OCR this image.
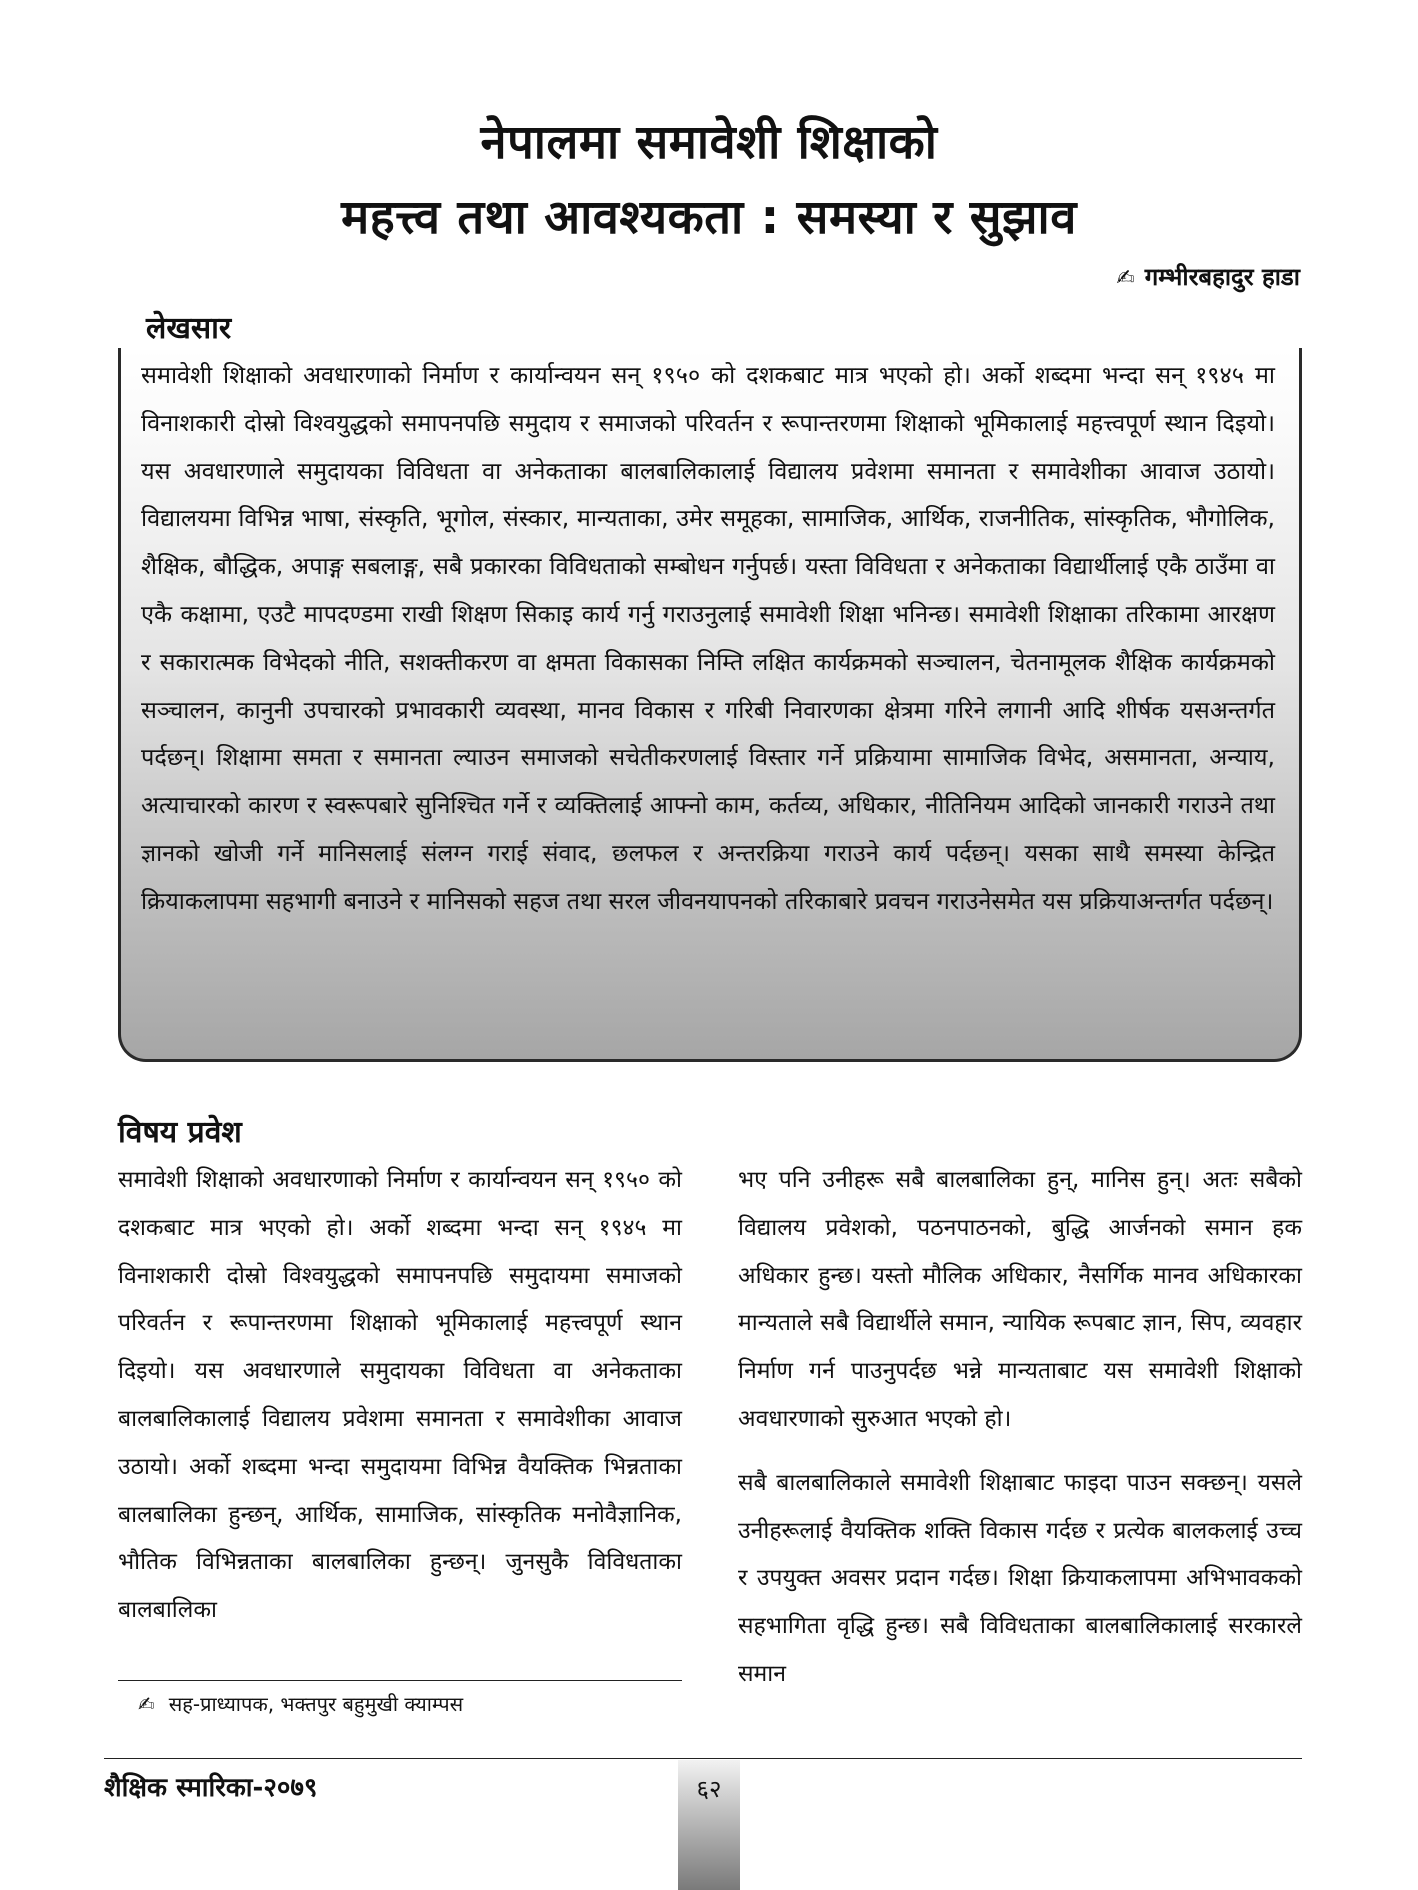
नेपालमा समावेशी शिक्षाको
महत्त्व तथा आवश्यकता : समस्या र सुझाव
✍ गम्भीरबहादुर हाडा
लेखसार
समावेशी शिक्षाको अवधारणाको निर्माण र कार्यान्वयन सन् १९५० को दशकबाट मात्र भएको हो। अर्को शब्दमा भन्दा सन् १९४५ मा विनाशकारी दोस्रो विश्वयुद्धको समापनपछि समुदाय र समाजको परिवर्तन र रूपान्तरणमा शिक्षाको भूमिकालाई महत्त्वपूर्ण स्थान दिइयो। यस अवधारणाले समुदायका विविधता वा अनेकताका बालबालिकालाई विद्यालय प्रवेशमा समानता र समावेशीका आवाज उठायो। विद्यालयमा विभिन्न भाषा, संस्कृति, भूगोल, संस्कार, मान्यताका, उमेर समूहका, सामाजिक, आर्थिक, राजनीतिक, सांस्कृतिक, भौगोलिक, शैक्षिक, बौद्धिक, अपाङ्ग सबलाङ्ग, सबै प्रकारका विविधताको सम्बोधन गर्नुपर्छ। यस्ता विविधता र अनेकताका विद्यार्थीलाई एकै ठाउँमा वा एकै कक्षामा, एउटै मापदण्डमा राखी शिक्षण सिकाइ कार्य गर्नु गराउनुलाई समावेशी शिक्षा भनिन्छ। समावेशी शिक्षाका तरिकामा आरक्षण र सकारात्मक विभेदको नीति, सशक्तीकरण वा क्षमता विकासका निम्ति लक्षित कार्यक्रमको सञ्चालन, चेतनामूलक शैक्षिक कार्यक्रमको सञ्चालन, कानुनी उपचारको प्रभावकारी व्यवस्था, मानव विकास र गरिबी निवारणका क्षेत्रमा गरिने लगानी आदि शीर्षक यसअन्तर्गत पर्दछन्। शिक्षामा समता र समानता ल्याउन समाजको सचेतीकरणलाई विस्तार गर्ने प्रक्रियामा सामाजिक विभेद, असमानता, अन्याय, अत्याचारको कारण र स्वरूपबारे सुनिश्चित गर्ने र व्यक्तिलाई आफ्नो काम, कर्तव्य, अधिकार, नीतिनियम आदिको जानकारी गराउने तथा ज्ञानको खोजी गर्ने मानिसलाई संलग्न गराई संवाद, छलफल र अन्तरक्रिया गराउने कार्य पर्दछन्। यसका साथै समस्या केन्द्रित क्रियाकलापमा सहभागी बनाउने र मानिसको सहज तथा सरल जीवनयापनको तरिकाबारे प्रवचन गराउनेसमेत यस प्रक्रियाअन्तर्गत पर्दछन्।
विषय प्रवेश

समावेशी शिक्षाको अवधारणाको निर्माण र कार्यान्वयन सन् १९५० को दशकबाट मात्र भएको हो। अर्को शब्दमा भन्दा सन् १९४५ मा विनाशकारी दोस्रो विश्वयुद्धको समापनपछि समुदायमा समाजको परिवर्तन र रूपान्तरणमा शिक्षाको भूमिकालाई महत्त्वपूर्ण स्थान दिइयो। यस अवधारणाले समुदायका विविधता वा अनेकताका बालबालिकालाई विद्यालय प्रवेशमा समानता र समावेशीका आवाज उठायो। अर्को शब्दमा भन्दा समुदायमा विभिन्न वैयक्तिक भिन्नताका बालबालिका हुन्छन्, आर्थिक, सामाजिक, सांस्कृतिक मनोवैज्ञानिक, भौतिक विभिन्नताका बालबालिका हुन्छन्। जुनसुकै विविधताका बालबालिका

भए पनि उनीहरू सबै बालबालिका हुन्, मानिस हुन्। अतः सबैको विद्यालय प्रवेशको, पठनपाठनको, बुद्धि आर्जनको समान हक अधिकार हुन्छ। यस्तो मौलिक अधिकार, नैसर्गिक मानव अधिकारका मान्यताले सबै विद्यार्थीले समान, न्यायिक रूपबाट ज्ञान, सिप, व्यवहार निर्माण गर्न पाउनुपर्दछ भन्ने मान्यताबाट यस समावेशी शिक्षाको अवधारणाको सुरुआत भएको हो।

सबै बालबालिकाले समावेशी शिक्षाबाट फाइदा पाउन सक्छन्। यसले उनीहरूलाई वैयक्तिक शक्ति विकास गर्दछ र प्रत्येक बालकलाई उच्च र उपयुक्त अवसर प्रदान गर्दछ। शिक्षा क्रियाकलापमा अभिभावकको सहभागिता वृद्धि हुन्छ। सबै विविधताका बालबालिकालाई सरकारले समान

✍ सह-प्राध्यापक, भक्तपुर बहुमुखी क्याम्पस
शैक्षिक स्मारिका-२०७९	६२
